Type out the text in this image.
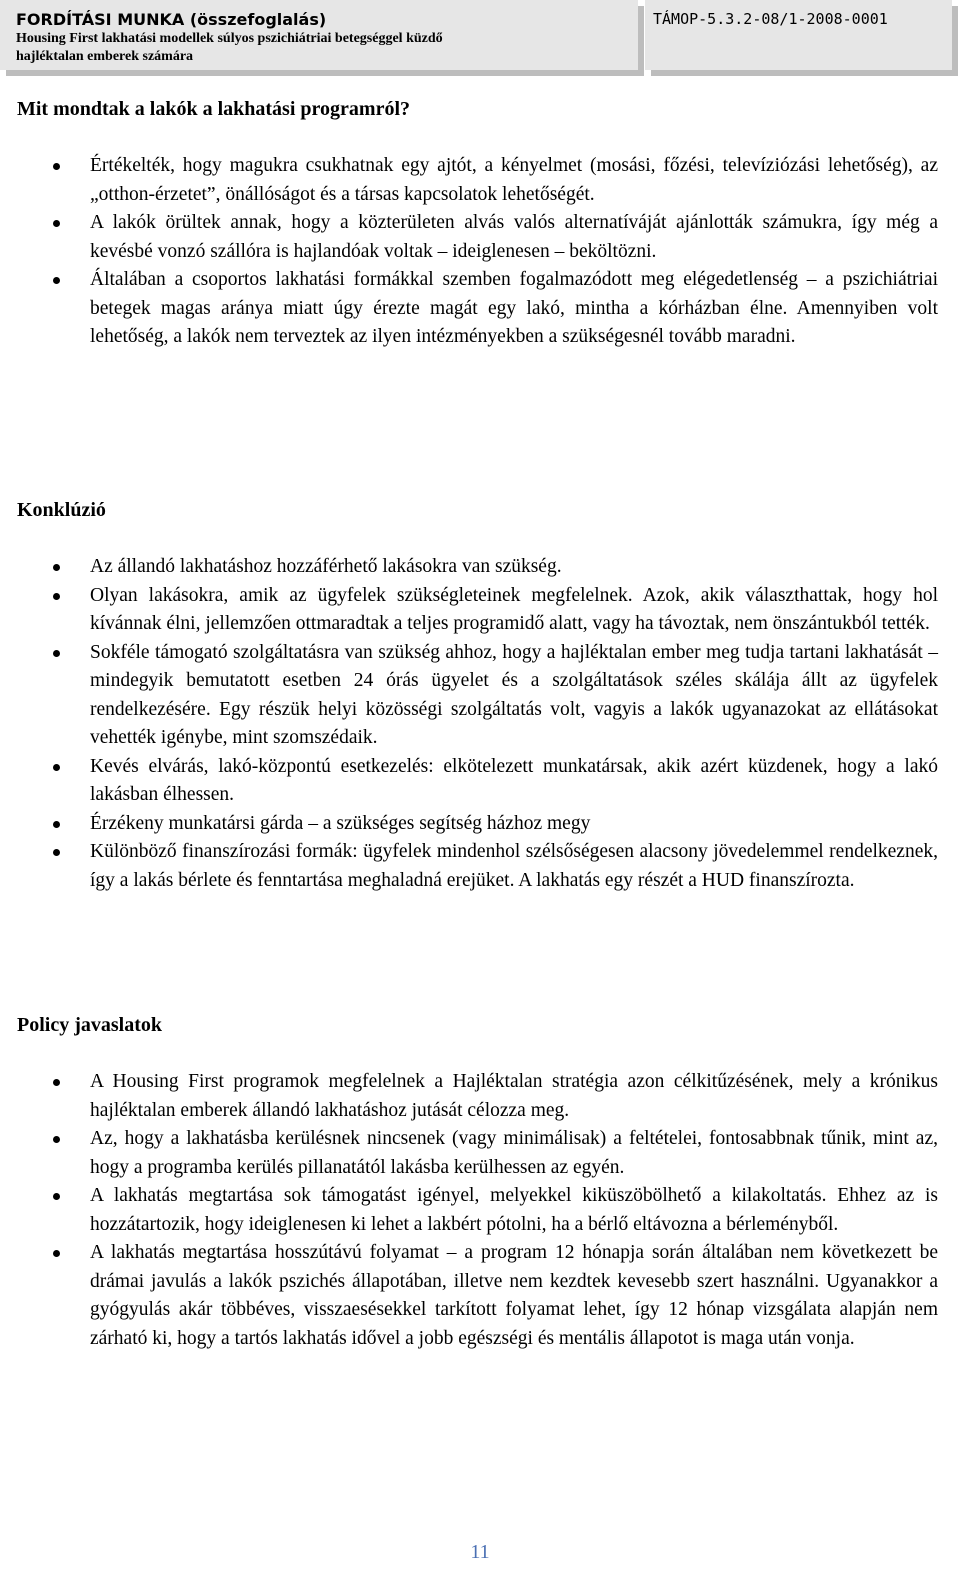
FORDÍTÁSI MUNKA (összefoglalás)
Housing First lakhatási modellek súlyos pszichiátriai betegséggel küzdő
hajléktalan emberek számára
TÁMOP-5.3.2-08/1-2008-0001
Mit mondtak a lakók a lakhatási programról?
Értékelték, hogy magukra csukhatnak egy ajtót, a kényelmet (mosási, főzési, televíziózási lehetőség), az „otthon-érzetet”, önállóságot és a társas kapcsolatok lehetőségét.
A lakók örültek annak, hogy a közterületen alvás valós alternatíváját ajánlották számukra, így még a kevésbé vonzó szállóra is hajlandóak voltak – ideiglenesen – beköltözni.
Általában a csoportos lakhatási formákkal szemben fogalmazódott meg elégedetlenség – a pszichiátriai betegek magas aránya miatt úgy érezte magát egy lakó, mintha a kórházban élne. Amennyiben volt lehetőség, a lakók nem terveztek az ilyen intézményekben a szükségesnél tovább maradni.
Konklúzió
Az állandó lakhatáshoz hozzáférhető lakásokra van szükség.
Olyan lakásokra, amik az ügyfelek szükségleteinek megfelelnek. Azok, akik választhattak, hogy hol kívánnak élni, jellemzően ottmaradtak a teljes programidő alatt, vagy ha távoztak, nem önszántukból tették.
Sokféle támogató szolgáltatásra van szükség ahhoz, hogy a hajléktalan ember meg tudja tartani lakhatását – mindegyik bemutatott esetben 24 órás ügyelet és a szolgáltatások széles skálája állt az ügyfelek rendelkezésére. Egy részük helyi közösségi szolgáltatás volt, vagyis a lakók ugyanazokat az ellátásokat vehették igénybe, mint szomszédaik.
Kevés elvárás, lakó-központú esetkezelés: elkötelezett munkatársak, akik azért küzdenek, hogy a lakó lakásban élhessen.
Érzékeny munkatársi gárda – a szükséges segítség házhoz megy
Különböző finanszírozási formák: ügyfelek mindenhol szélsőségesen alacsony jövedelemmel rendelkeznek, így a lakás bérlete és fenntartása meghaladná erejüket. A lakhatás egy részét a HUD finanszírozta.
Policy javaslatok
A Housing First programok megfelelnek a Hajléktalan stratégia azon célkitűzésének, mely a krónikus hajléktalan emberek állandó lakhatáshoz jutását célozza meg.
Az, hogy a lakhatásba kerülésnek nincsenek (vagy minimálisak) a feltételei, fontosabbnak tűnik, mint az, hogy a programba kerülés pillanatától lakásba kerülhessen az egyén.
A lakhatás megtartása sok támogatást igényel, melyekkel kiküszöbölhető a kilakoltatás. Ehhez az is hozzátartozik, hogy ideiglenesen ki lehet a lakbért pótolni, ha a bérlő eltávozna a bérleményből.
A lakhatás megtartása hosszútávú folyamat – a program 12 hónapja során általában nem következett be drámai javulás a lakók pszichés állapotában, illetve nem kezdtek kevesebb szert használni. Ugyanakkor a gyógyulás akár többéves, visszaesésekkel tarkított folyamat lehet, így 12 hónap vizsgálata alapján nem zárható ki, hogy a tartós lakhatás idővel a jobb egészségi és mentális állapotot is maga után vonja.
11
